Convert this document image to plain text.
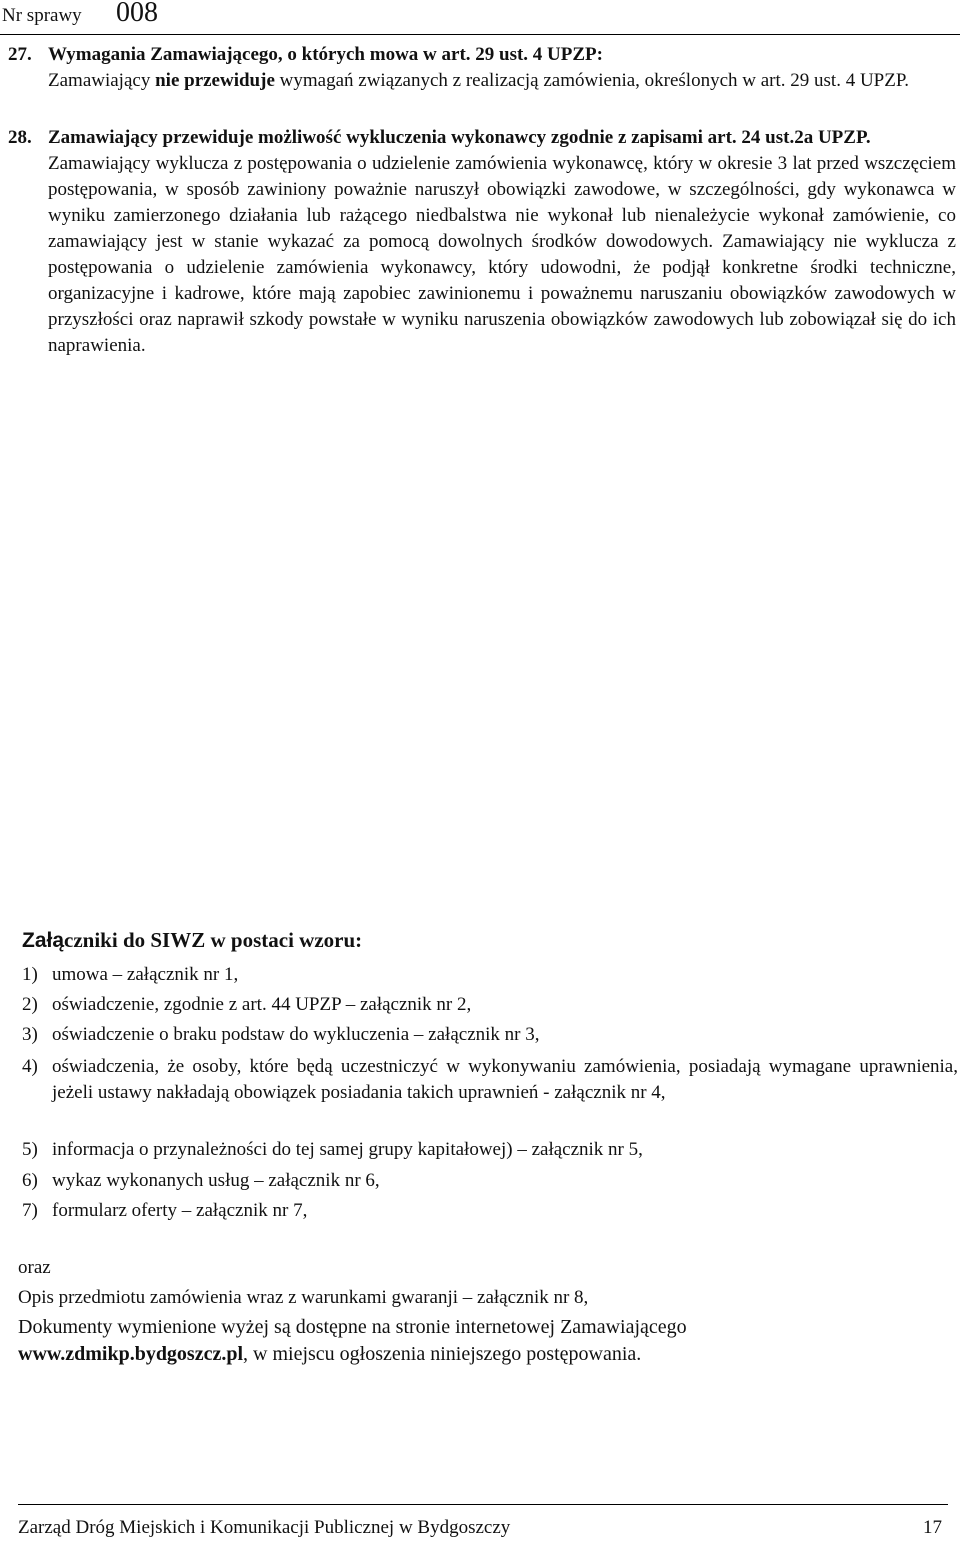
Nr sprawy 008
27. Wymagania Zamawiającego, o których mowa w art. 29 ust. 4 UPZP:
Zamawiający nie przewiduje wymagań związanych z realizacją zamówienia, określonych w art. 29 ust. 4 UPZP.
28. Zamawiający przewiduje możliwość wykluczenia wykonawcy zgodnie z zapisami art. 24 ust.2a UPZP.
Zamawiający wyklucza z postępowania o udzielenie zamówienia wykonawcę, który w okresie 3 lat przed wszczęciem postępowania, w sposób zawiniony poważnie naruszył obowiązki zawodowe, w szczególności, gdy wykonawca w wyniku zamierzonego działania lub rażącego niedbalstwa nie wykonał lub nienależycie wykonał zamówienie, co zamawiający jest w stanie wykazać za pomocą dowolnych środków dowodowych. Zamawiający nie wyklucza z postępowania o udzielenie zamówienia wykonawcy, który udowodni, że podjął konkretne środki techniczne, organizacyjne i kadrowe, które mają zapobiec zawinionemu i poważnemu naruszaniu obowiązków zawodowych w przyszłości oraz naprawił szkody powstałe w wyniku naruszenia obowiązków zawodowych lub zobowiązał się do ich naprawienia.
Załączniki do SIWZ w postaci wzoru:
1) umowa – załącznik nr 1,
2) oświadczenie, zgodnie z art. 44 UPZP – załącznik nr 2,
3) oświadczenie o braku podstaw do wykluczenia – załącznik nr 3,
4) oświadczenia, że osoby, które będą uczestniczyć w wykonywaniu zamówienia, posiadają wymagane uprawnienia, jeżeli ustawy nakładają obowiązek posiadania takich uprawnień - załącznik nr 4,
5) informacja o przynależności do tej samej grupy kapitałowej) – załącznik nr 5,
6) wykaz wykonanych usług – załącznik nr 6,
7) formularz oferty – załącznik nr 7,
oraz
Opis przedmiotu zamówienia wraz z warunkami gwaranji – załącznik nr 8,
Dokumenty wymienione wyżej są dostępne na stronie internetowej Zamawiającego
www.zdmikp.bydgoszcz.pl, w miejscu ogłoszenia niniejszego postępowania.
Zarząd Dróg Miejskich i Komunikacji Publicznej w Bydgoszczy	17
